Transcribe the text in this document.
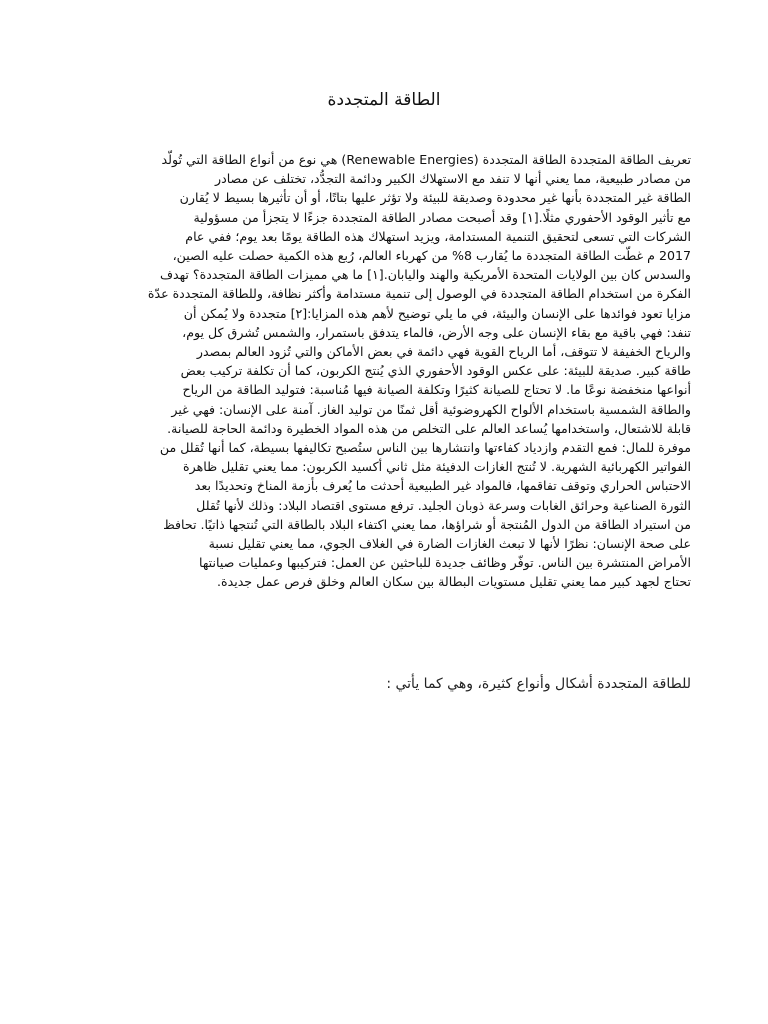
الطاقة المتجددة
تعريف الطاقة المتجددة الطاقة المتجددة (Renewable Energies) هي نوع من أنواع الطاقة التي تُولّد
من مصادر طبيعية، مما يعني أنها لا تنفد مع الاستهلاك الكبير ودائمة التجدُّد، تختلف عن مصادر
الطاقة غير المتجددة بأنها غير محدودة وصديقة للبيئة ولا تؤثر عليها بتاتًا، أو أن تأثيرها بسيط لا يُقارن
مع تأثير الوقود الأحفوري مثلًا.[١] وقد أصبحت مصادر الطاقة المتجددة جزءًا لا يتجزأ من مسؤولية
الشركات التي تسعى لتحقيق التنمية المستدامة، ويزيد استهلاك هذه الطاقة يومًا بعد يوم؛ ففي عام
2017 م غطّت الطاقة المتجددة ما يُقارب 8% من كهرباء العالم، رُبع هذه الكمية حصلت عليه الصين،
والسدس كان بين الولايات المتحدة الأمريكية والهند واليابان.[١] ما هي مميزات الطاقة المتجددة؟ تهدف
الفكرة من استخدام الطاقة المتجددة في الوصول إلى تنمية مستدامة وأكثر نظافة، وللطاقة المتجددة عدّة
مزايا تعود فوائدها على الإنسان والبيئة، في ما يلي توضيح لأهم هذه المزايا:[٢] متجددة ولا يُمكن أن
تنفد: فهي باقية مع بقاء الإنسان على وجه الأرض، فالماء يتدفق باستمرار، والشمس تُشرق كل يوم،
والرياح الخفيفة لا تتوقف، أما الرياح القوية فهي دائمة في بعض الأماكن والتي تُزود العالم بمصدر
طاقة كبير. صديقة للبيئة: على عكس الوقود الأحفوري الذي يُنتج الكربون، كما أن تكلفة تركيب بعض
أنواعها منخفضة نوعًا ما. لا تحتاج للصيانة كثيرًا وتكلفة الصيانة فيها مُناسبة: فتوليد الطاقة من الرياح
والطاقة الشمسية باستخدام الألواح الكهروضوئية أقل ثمنًا من توليد الغاز. آمنة على الإنسان: فهي غير
قابلة للاشتعال، واستخدامها يُساعد العالم على التخلص من هذه المواد الخطيرة ودائمة الحاجة للصيانة.
موفرة للمال: فمع التقدم وازدياد كفاءتها وانتشارها بين الناس ستُصبح تكاليفها بسيطة، كما أنها تُقلل من
الفواتير الكهربائية الشهرية. لا تُنتج الغازات الدفيئة مثل ثاني أكسيد الكربون: مما يعني تقليل ظاهرة
الاحتباس الحراري وتوقف تفاقمها، فالمواد غير الطبيعية أحدثت ما يُعرف بأزمة المناخ وتحديدًا بعد
الثورة الصناعية وحرائق الغابات وسرعة ذوبان الجليد. ترفع مستوى اقتصاد البلاد: وذلك لأنها تُقلل
من استيراد الطاقة من الدول المُنتجة أو شراؤها، مما يعني اكتفاء البلاد بالطاقة التي تُنتجها ذاتيًا. تحافظ
على صحة الإنسان: نظرًا لأنها لا تبعث الغازات الضارة في الغلاف الجوي، مما يعني تقليل نسبة
الأمراض المنتشرة بين الناس. توفّر وظائف جديدة للباحثين عن العمل: فتركيبها وعمليات صيانتها
تحتاج لجهد كبير مما يعني تقليل مستويات البطالة بين سكان العالم وخلق فرص عمل جديدة.
للطاقة المتجددة أشكال وأنواع كثيرة، وهي كما يأتي :
